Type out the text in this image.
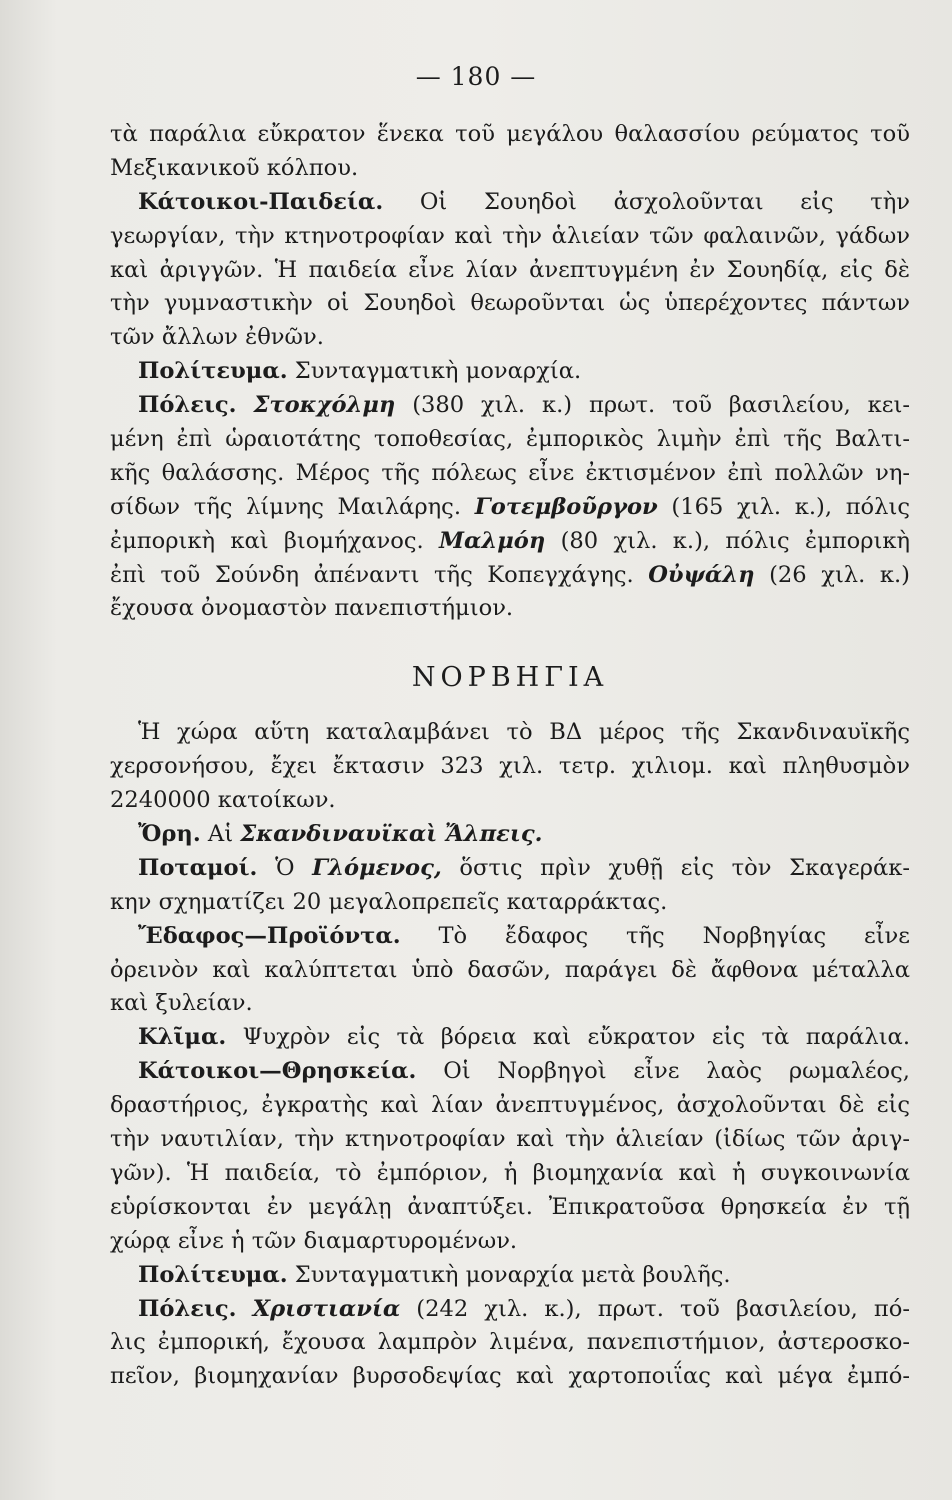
— 180 —
τὰ παράλια εὔκρατον ἕνεκα τοῦ μεγάλου θαλασσίου ρεύματος τοῦ
Μεξικανικοῦ κόλπου.
Κάτοικοι-Παιδεία. Οἱ Σουηδοὶ ἀσχολοῦνται εἰς τὴν
γεωργίαν, τὴν κτηνοτροφίαν καὶ τὴν ἁλιείαν τῶν φαλαινῶν, γάδων
καὶ ἀριγγῶν. Ἡ παιδεία εἶνε λίαν ἀνεπτυγμένη ἐν Σουηδίᾳ, εἰς δὲ
τὴν γυμναστικὴν οἱ Σουηδοὶ θεωροῦνται ὡς ὑπερέχοντες πάντων
τῶν ἄλλων ἐθνῶν.
Πολίτευμα. Συνταγματικὴ μοναρχία.
Πόλεις. Στοκχόλμη (380 χιλ. κ.) πρωτ. τοῦ βασιλείου, κει-
μένη ἐπὶ ὡραιοτάτης τοποθεσίας, ἐμπορικὸς λιμὴν ἐπὶ τῆς Βαλτι-
κῆς θαλάσσης. Μέρος τῆς πόλεως εἶνε ἐκτισμένον ἐπὶ πολλῶν νη-
σίδων τῆς λίμνης Μαιλάρης. Γοτεμβοῦργον (165 χιλ. κ.), πόλις
ἐμπορικὴ καὶ βιομήχανος. Μαλμόη (80 χιλ. κ.), πόλις ἐμπορικὴ
ἐπὶ τοῦ Σούνδη ἀπέναντι τῆς Κοπεγχάγης. Οὐψάλη (26 χιλ. κ.)
ἔχουσα ὀνομαστὸν πανεπιστήμιον.
ΝΟΡΒΗΓΙΑ
Ἡ χώρα αὕτη καταλαμβάνει τὸ ΒΔ μέρος τῆς Σκανδιναυϊκῆς
χερσονήσου, ἔχει ἔκτασιν 323 χιλ. τετρ. χιλιομ. καὶ πληθυσμὸν
2240000 κατοίκων.
Ὄρη. Αἱ Σκανδιναυϊκαὶ Ἄλπεις.
Ποταμοί. Ὁ Γλόμενος, ὅστις πρὶν χυθῇ εἰς τὸν Σκαγεράκ-
κην σχηματίζει 20 μεγαλοπρεπεῖς καταρράκτας.
Ἔδαφος—Προϊόντα. Τὸ ἔδαφος τῆς Νορβηγίας εἶνε
ὀρεινὸν καὶ καλύπτεται ὑπὸ δασῶν, παράγει δὲ ἄφθονα μέταλλα
καὶ ξυλείαν.
Κλῖμα. Ψυχρὸν εἰς τὰ βόρεια καὶ εὔκρατον εἰς τὰ παράλια.
Κάτοικοι—Θρησκεία. Οἱ Νορβηγοὶ εἶνε λαὸς ρωμαλέος,
δραστήριος, ἐγκρατὴς καὶ λίαν ἀνεπτυγμένος, ἀσχολοῦνται δὲ εἰς
τὴν ναυτιλίαν, τὴν κτηνοτροφίαν καὶ τὴν ἁλιείαν (ἰδίως τῶν ἀριγ-
γῶν). Ἡ παιδεία, τὸ ἐμπόριον, ἡ βιομηχανία καὶ ἡ συγκοινωνία
εὑρίσκονται ἐν μεγάλῃ ἀναπτύξει. Ἐπικρατοῦσα θρησκεία ἐν τῇ
χώρᾳ εἶνε ἡ τῶν διαμαρτυρομένων.
Πολίτευμα. Συνταγματικὴ μοναρχία μετὰ βουλῆς.
Πόλεις. Χριστιανία (242 χιλ. κ.), πρωτ. τοῦ βασιλείου, πό-
λις ἐμπορική, ἔχουσα λαμπρὸν λιμένα, πανεπιστήμιον, ἀστεροσκο-
πεῖον, βιομηχανίαν βυρσοδεψίας καὶ χαρτοποιΐας καὶ μέγα ἐμπό-
